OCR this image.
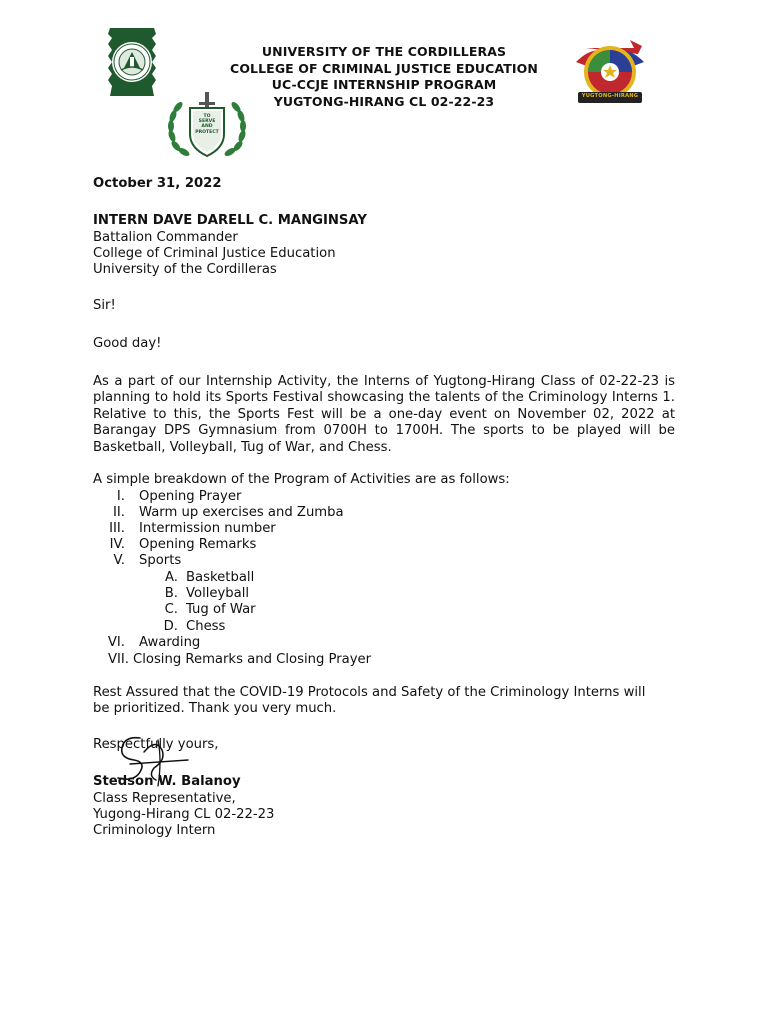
TO
SERVE
AND
PROTECT
YUGTONG-HIRANG
UNIVERSITY OF THE CORDILLERAS
COLLEGE OF CRIMINAL JUSTICE EDUCATION
UC-CCJE INTERNSHIP PROGRAM
YUGTONG-HIRANG CL 02-22-23
October 31, 2022
INTERN DAVE DARELL C. MANGINSAY
Battalion Commander
College of Criminal Justice Education
University of the Cordilleras
Sir!
Good day!
As a part of our Internship Activity, the Interns of Yugtong-Hirang Class of 02-22-23 is planning to hold its Sports Festival showcasing the talents of the Criminology Interns 1. Relative to this, the Sports Fest will be a one-day event on November 02, 2022 at Barangay DPS Gymnasium from 0700H to 1700H. The sports to be played will be Basketball, Volleyball, Tug of War, and Chess.
A simple breakdown of the Program of Activities are as follows:
I. Opening Prayer
II. Warm up exercises and Zumba
III. Intermission number
IV. Opening Remarks
V. Sports
A. Basketball
B. Volleyball
C. Tug of War
D. Chess
VI. Awarding
VII. Closing Remarks and Closing Prayer
Rest Assured that the COVID-19 Protocols and Safety of the Criminology Interns will
be prioritized. Thank you very much.
Respectfully yours,
Stedson W. Balanoy
Class Representative,
Yugong-Hirang CL 02-22-23
Criminology Intern
